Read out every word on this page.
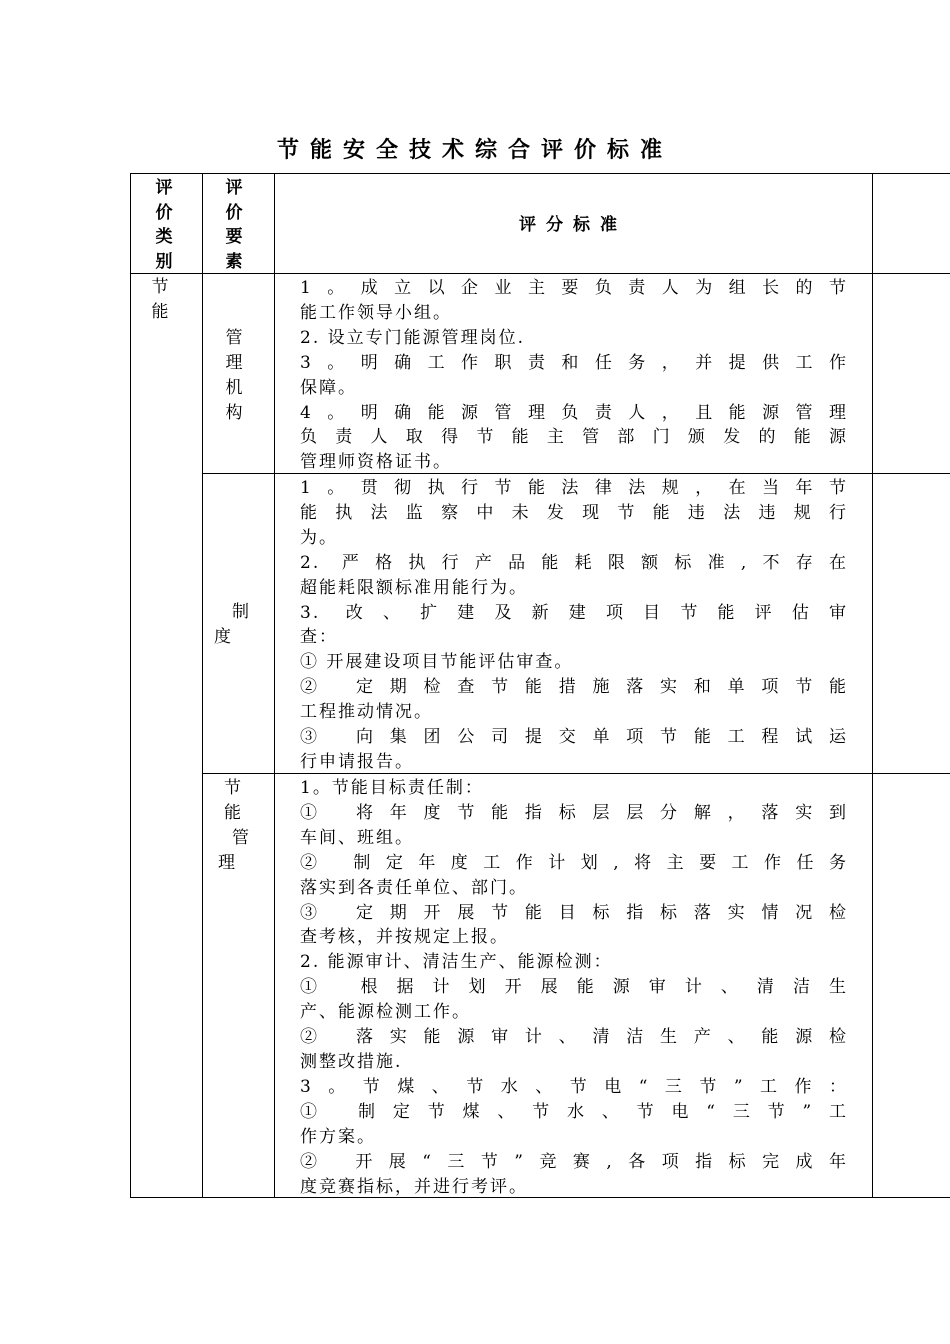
节能安全技术综合评价标准
评
价
类
别
评
价
要
素
评分标准
节
能
管
理
机
构
制
度
节
能
管
理
1。成立以企业主要负责人为组长的节
能工作领导小组。
2. 设立专门能源管理岗位.
3。明确工作职责和任务，并提供工作
保障。
4。明确能源管理负责人，且能源管理
负责人取得节能主管部门颁发的能源
管理师资格证书。
1。贯彻执行节能法律法规，在当年节
能执法监察中未发现节能违法违规行
为。
2. 严格执行产品能耗限额标准,不存在
超能耗限额标准用能行为。
3. 改、扩建及新建项目节能评估审
查：
① 开展建设项目节能评估审查。
② 定期检查节能措施落实和单项节能
工程推动情况。
③ 向集团公司提交单项节能工程试运
行申请报告。
1。节能目标责任制：
① 将年度节能指标层层分解，落实到
车间、班组。
② 制定年度工作计划,将主要工作任务
落实到各责任单位、部门。
③ 定期开展节能目标指标落实情况检
查考核，并按规定上报。
2. 能源审计、清洁生产、能源检测：
① 根据计划开展能源审计、清洁生
产、能源检测工作。
② 落实能源审计、清洁生产、能源检
测整改措施.
3。节煤、节水、节电“三节”工作：
① 制定节煤、节水、节电“三节”工
作方案。
② 开展“三节”竞赛,各项指标完成年
度竞赛指标，并进行考评。
